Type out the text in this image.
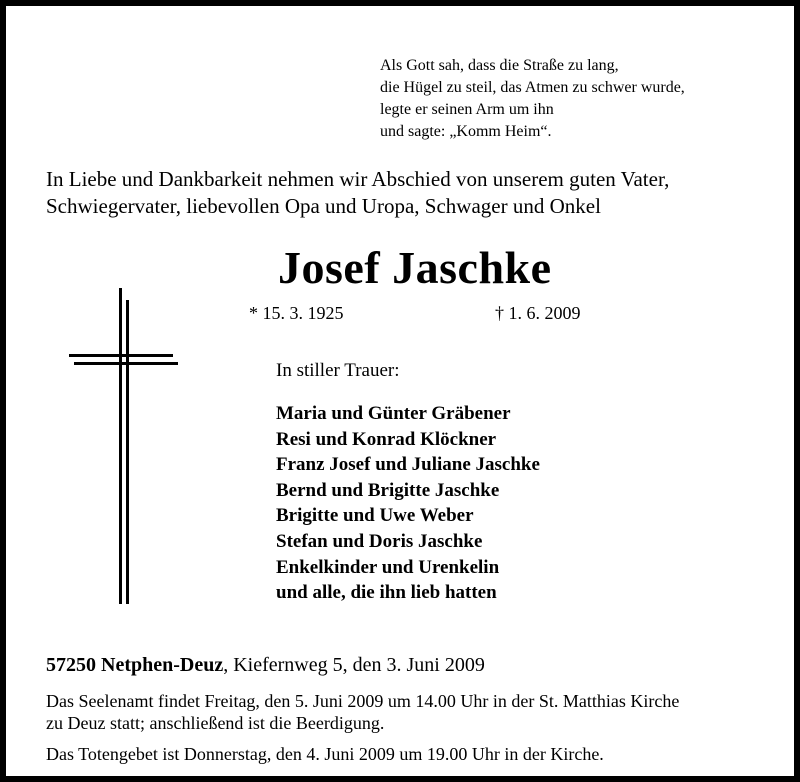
Als Gott sah, dass die Straße zu lang,
die Hügel zu steil, das Atmen zu schwer wurde,
legte er seinen Arm um ihn
und sagte: „Komm Heim“.
In Liebe und Dankbarkeit nehmen wir Abschied von unserem guten Vater,
Schwiegervater, liebevollen Opa und Uropa, Schwager und Onkel
Josef Jaschke
* 15. 3. 1925	† 1. 6. 2009
In stiller Trauer:
Maria und Günter Gräbener
Resi und Konrad Klöckner
Franz Josef und Juliane Jaschke
Bernd und Brigitte Jaschke
Brigitte und Uwe Weber
Stefan und Doris Jaschke
Enkelkinder und Urenkelin
und alle, die ihn lieb hatten
57250 Netphen-Deuz, Kiefernweg 5, den 3. Juni 2009
Das Seelenamt findet Freitag, den 5. Juni 2009 um 14.00 Uhr in der St. Matthias Kirche
zu Deuz statt; anschließend ist die Beerdigung.
Das Totengebet ist Donnerstag, den 4. Juni 2009 um 19.00 Uhr in der Kirche.
